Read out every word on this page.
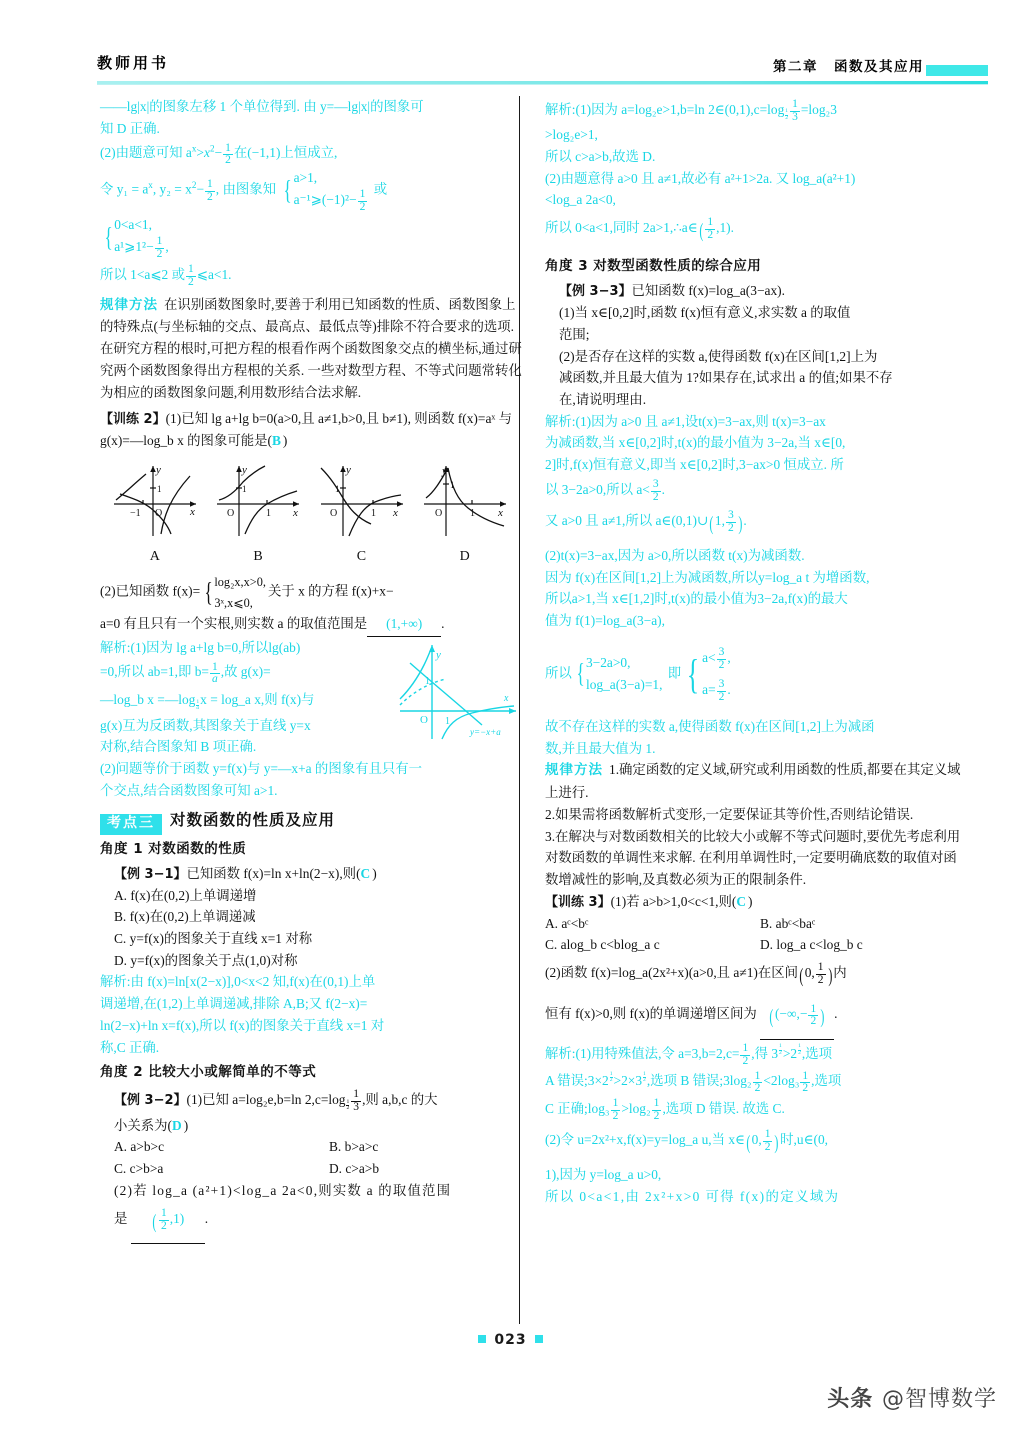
教师用书	第二章 函数及其应用

——lg|x|的图象左移 1 个单位得到. 由 y=—lg|x|的图象可

知 D 正确.

(2)由题意可知 $a^x>x^2- \frac{1}{2}$ 在(−1,1)上恒成立,

令 $y_1 = a^x$, $y_2 = x^2- \frac{1}{2}$ , 由图象知 { a>1,
a⁻¹⩾(−1)²− $\frac{1}{2}$
或

{ 0<a<1,
a¹⩾1²− $\frac{1}{2}$ ,

所以 1<a⩽2 或 $\frac{1}{2}$ ⩽a<1.

规律方法 在识别函数图象时,要善于利用已知函数的性质、函数图象上的特殊点(与坐标轴的交点、最高点、最低点等)排除不符合要求的选项. 在研究方程的根时,可把方程的根看作两个函数图象交点的横坐标,通过研究两个函数图象得出方程根的关系. 一些对数型方程、不等式问题常转化为相应的函数图象问题,利用数形结合法求解.

【训练 2】(1)已知 lg a+lg b=0(a>0,且 a≠1,b>0,且 b≠1), 则函数 f(x)=aˣ 与 g(x)=—log_b x 的图象可能是(B)

y
x
O
−1
1
A
y
x
O	1
1
B
y
x
O	1
1
C
y
x
O	1
1
D

(2)已知函数 f(x)= { log₂x,x>0,
3ˣ,x⩽0,
关于 x 的方程 f(x)+x−

a=0 有且只有一个实根,则实数 a 的取值范围是 (1,+∞) .

O
y
1
1
x
y=−x+a

解析:(1)因为 lg a+lg b=0,所以lg(ab)

=0,所以 ab=1,即 $b= \frac{1}{a}$ ,故 g(x)=

—log_b x =—log $_{\frac{1}{a}}$ x = log_a x,则 f(x)与

g(x)互为反函数,其图象关于直线 y=x

对称,结合图象知 B 项正确.

(2)问题等价于函数 y=f(x)与 y=—x+a 的图象有且只有一

个交点,结合函数图象可知 a>1.

考点三 对数函数的性质及应用

角度 1 对数函数的性质

【例 3−1】已知函数 f(x)=ln x+ln(2−x),则(C)

A. f(x)在(0,2)上单调递增

B. f(x)在(0,2)上单调递减

C. y=f(x)的图象关于直线 x=1 对称

D. y=f(x)的图象关于点(1,0)对称

解析:由 f(x)=ln[x(2−x)],0<x<2 知,f(x)在(0,1)上单

调递增,在(1,2)上单调递减,排除 A,B;又 f(2−x)=

ln(2−x)+ln x=f(x),所以 f(x)的图象关于直线 x=1 对

称,C 正确.

角度 2 比较大小或解简单的不等式

【例 3−2】(1)已知 a=log₂e,b=ln 2,c=log $_{\frac{1}{2}} \frac{1}{3}$ ,则 a,b,c 的大

小关系为(D)

A. a>b>c	B. b>a>c

C. c>b>a	D. c>a>b

(2)若 log_a (a²+1)<log_a 2a<0,则实数 a 的取值范围

是 ( $\frac{1}{2} ,1$) .

解析:(1)因为 a=log₂e>1,b=ln 2∈(0,1),c=log $_{\frac{1}{2}} \frac{1}{3} =\log_23$

>log₂e>1,

所以 c>a>b,故选 D.

(2)由题意得 a>0 且 a≠1,故必有 a²+1>2a. 又 log_a(a²+1)

<log_a 2a<0,

所以 0<a<1,同时 2a>1,∴a∈( $\frac{1}{2} ,1$).

角度 3 对数型函数性质的综合应用

【例 3−3】已知函数 f(x)=log_a(3−ax).

(1)当 x∈[0,2]时,函数 f(x)恒有意义,求实数 a 的取值

范围;

(2)是否存在这样的实数 a,使得函数 f(x)在区间[1,2]上为

减函数,并且最大值为 1?如果存在,试求出 a 的值;如果不存

在,请说明理由.

解析:(1)因为 a>0 且 a≠1,设t(x)=3−ax,则 t(x)=3−ax

为减函数,当 x∈[0,2]时,t(x)的最小值为 3−2a,当 x∈[0,

2]时,f(x)恒有意义,即当 x∈[0,2]时,3−ax>0 恒成立. 所

以 3−2a>0,所以 $a< \frac{3}{2}$ .

又 a>0 且 a≠1,所以 a∈(0,1)∪(1, $\frac{3}{2}$ ).

(2)t(x)=3−ax,因为 a>0,所以函数 t(x)为减函数.

因为 f(x)在区间[1,2]上为减函数,所以y=log_a t 为增函数,

所以a>1,当 x∈[1,2]时,t(x)的最小值为3−2a,f(x)的最大

值为 f(1)=log_a(3−a),

所以 { 3−2a>0,
log_a(3−a)=1,
即 { $a< \frac{3}{2}$ ,
$a= \frac{3}{2}$ .

故不存在这样的实数 a,使得函数 f(x)在区间[1,2]上为减函

数,并且最大值为 1.

规律方法 1.确定函数的定义域,研究或利用函数的性质,都要在其定义域上进行.

2.如果需将函数解析式变形,一定要保证其等价性,否则结论错误.

3.在解决与对数函数相关的比较大小或解不等式问题时,要优先考虑利用对数函数的单调性来求解. 在利用单调性时,一定要明确底数的取值对函数增减性的影响,及真数必须为正的限制条件.

【训练 3】(1)若 a>b>1,0<c<1,则(C)

A. aᶜ<bᶜ	B. abᶜ<baᶜ

C. alog_b c<blog_a c	D. log_a c<log_b c

(2)函数 f(x)=log_a(2x²+x)(a>0,且 a≠1)在区间(0, $\frac{1}{2}$ )内

恒有 f(x)>0,则 f(x)的单调递增区间为 ((−∞,− $\frac{1}{2}$ ) .

解析:(1)用特殊值法,令 $a=3,b=2,c= \frac{1}{2}$ ,得 3 $^{\frac{1}{2}}$ >2 $^{\frac{1}{2}}$ ,选项

A 错误;3×2 $^{\frac{1}{2}}$ >2×3 $^{\frac{1}{2}}$ ,选项 B 错误;3log₂ $\frac{1}{2} <2\log_3 \frac{1}{2}$ ,选项

C 正确;log₃ $\frac{1}{2} >\log_2 \frac{1}{2}$ ,选项 D 错误. 故选 C.

(2)令 u=2x²+x,f(x)=y=log_a u,当 x∈(0, $\frac{1}{2}$ )时,u∈(0,

1),因为 y=log_a u>0,

所以 0<a<1,由 2x²+x>0 可得 f(x)的定义域为

023
头条 @智博数学
